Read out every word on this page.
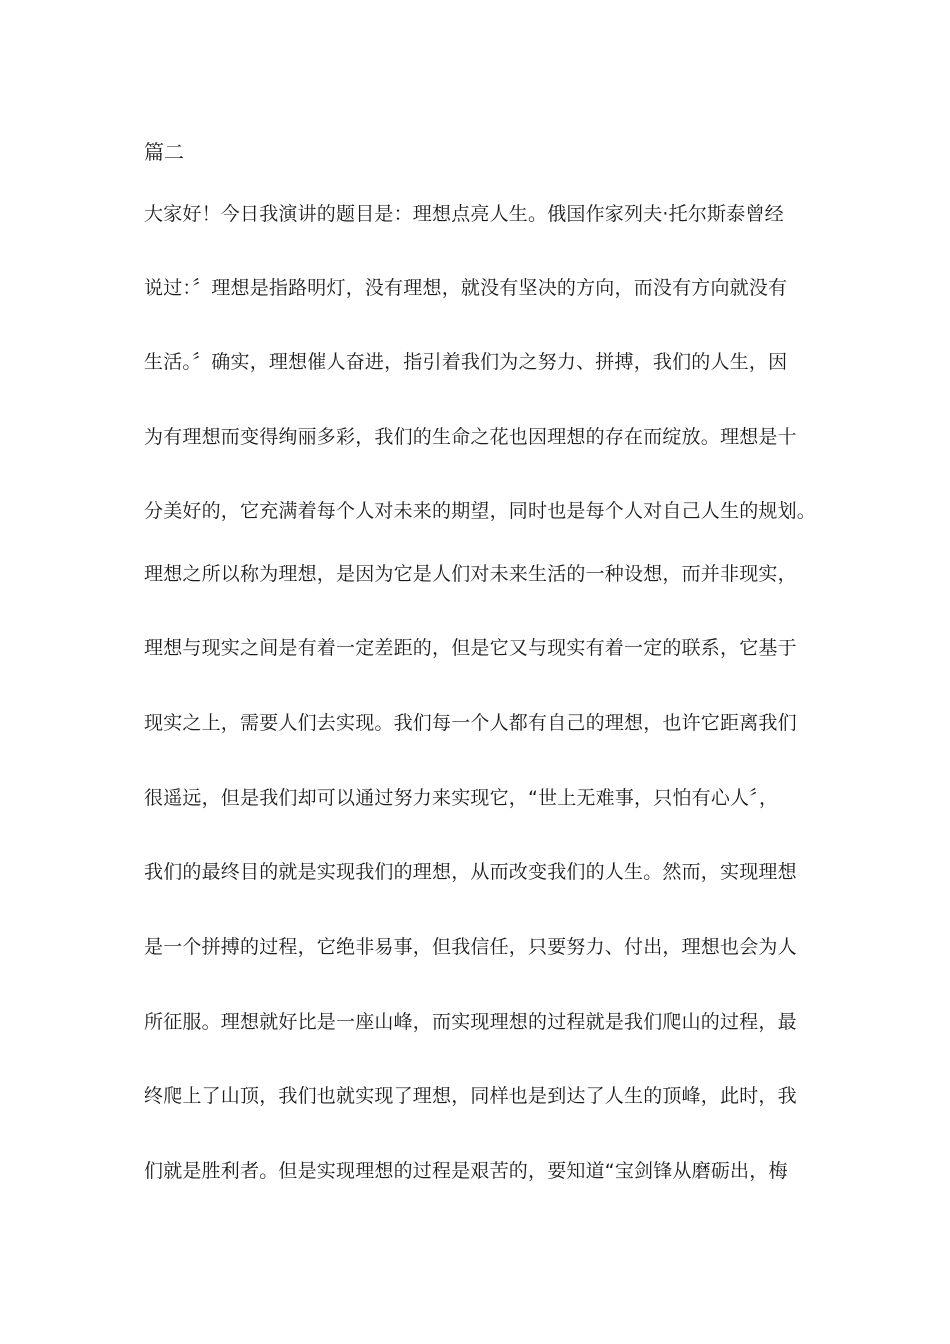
篇二
大家好！今日我演讲的题目是：理想点亮人生。俄国作家列夫·托尔斯泰曾经
说过：〞理想是指路明灯，没有理想，就没有坚决的方向，而没有方向就没有
生活。〞确实，理想催人奋进，指引着我们为之努力、拼搏，我们的人生，因
为有理想而变得绚丽多彩，我们的生命之花也因理想的存在而绽放。理想是十
分美好的，它充满着每个人对未来的期望，同时也是每个人对自己人生的规划。
理想之所以称为理想，是因为它是人们对未来生活的一种设想，而并非现实，
理想与现实之间是有着一定差距的，但是它又与现实有着一定的联系，它基于
现实之上，需要人们去实现。我们每一个人都有自己的理想，也许它距离我们
很遥远，但是我们却可以通过努力来实现它，“世上无难事，只怕有心人〞，
我们的最终目的就是实现我们的理想，从而改变我们的人生。然而，实现理想
是一个拼搏的过程，它绝非易事，但我信任，只要努力、付出，理想也会为人
所征服。理想就好比是一座山峰，而实现理想的过程就是我们爬山的过程，最
终爬上了山顶，我们也就实现了理想，同样也是到达了人生的顶峰，此时，我
们就是胜利者。但是实现理想的过程是艰苦的，要知道“宝剑锋从磨砺出，梅
